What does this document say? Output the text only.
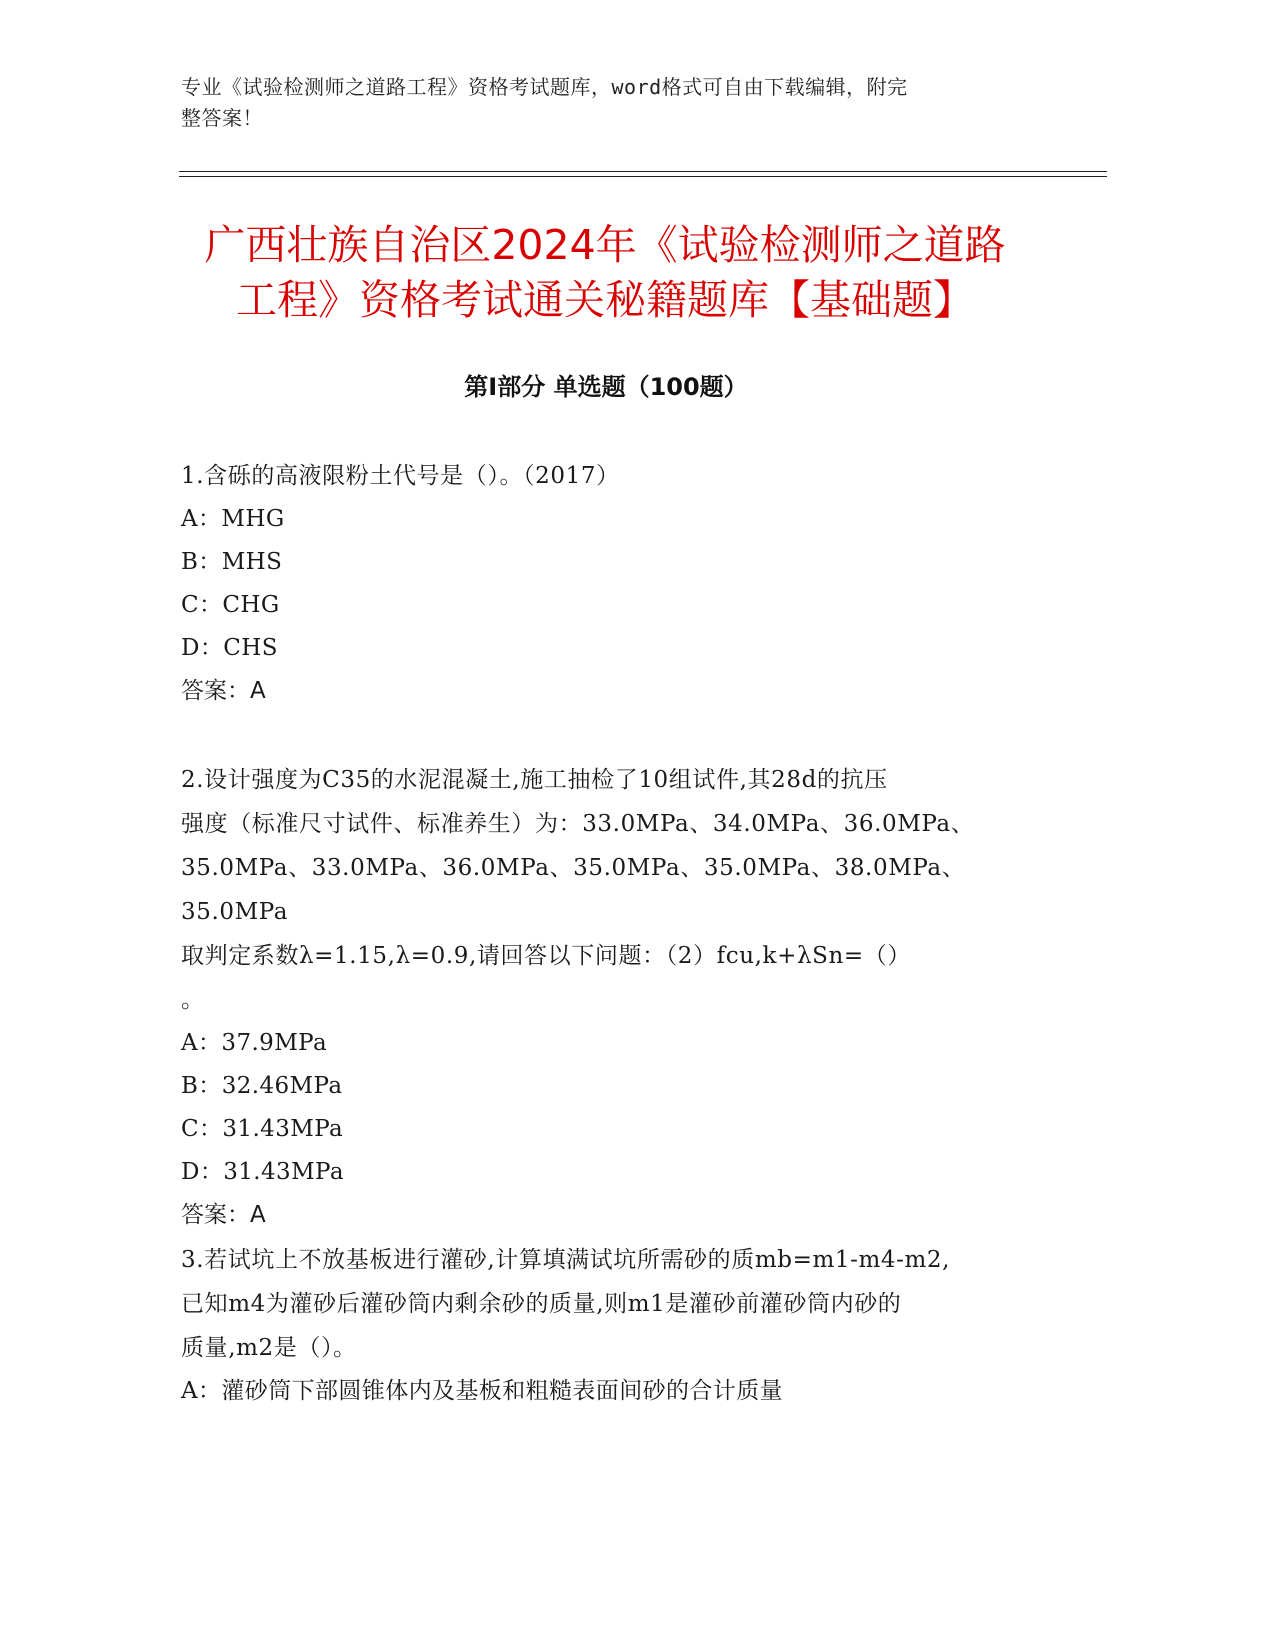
专业《试验检测师之道路工程》资格考试题库，word格式可自由下载编辑，附完
整答案！
广西壮族自治区2024年《试验检测师之道路
工程》资格考试通关秘籍题库【基础题】
第Ⅰ部分 单选题（100题）

1.含砾的高液限粉土代号是（）。（2017）

A：MHG

B：MHS

C：CHG

D：CHS

答案：A

2.设计强度为C35的水泥混凝土,施工抽检了10组试件,其28d的抗压

强度（标准尺寸试件、标准养生）为：33.0MPa、34.0MPa、36.0MPa、

35.0MPa、33.0MPa、36.0MPa、35.0MPa、35.0MPa、38.0MPa、35.0MPa

取判定系数λ=1.15,λ=0.9,请回答以下问题：（2）fcu,k+λSn=（）

。

A：37.9MPa

B：32.46MPa

C：31.43MPa

D：31.43MPa

答案：A

3.若试坑上不放基板进行灌砂,计算填满试坑所需砂的质mb=m1-m4-m2,

已知m4为灌砂后灌砂筒内剩余砂的质量,则m1是灌砂前灌砂筒内砂的

质量,m2是（）。

A：灌砂筒下部圆锥体内及基板和粗糙表面间砂的合计质量
